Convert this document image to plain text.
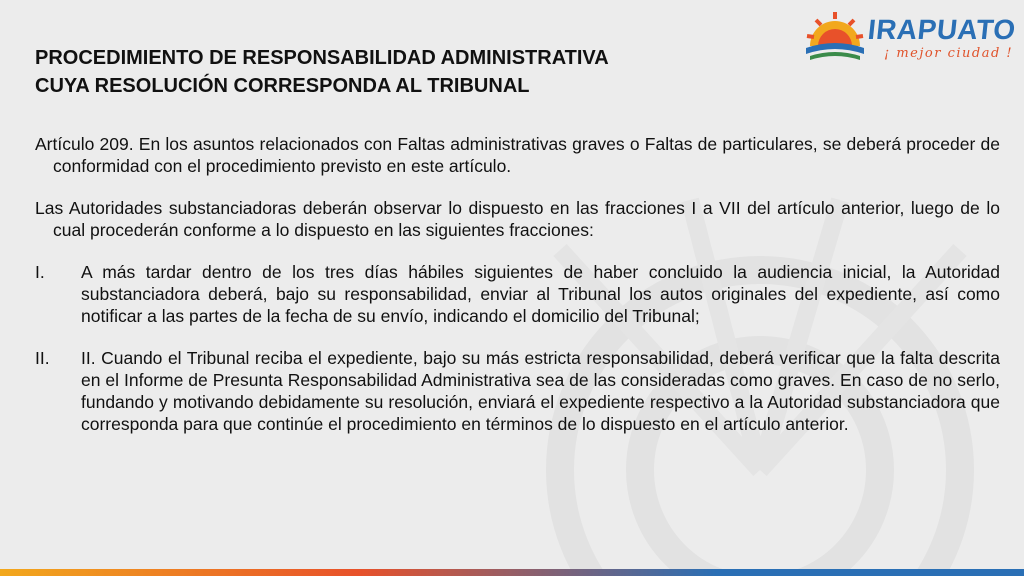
IRAPUATO
¡ mejor ciudad !
PROCEDIMIENTO DE RESPONSABILIDAD ADMINISTRATIVA
CUYA RESOLUCIÓN CORRESPONDA AL TRIBUNAL

Artículo 209. En los asuntos relacionados con Faltas administrativas graves o Faltas de particulares, se deberá proceder de conformidad con el procedimiento previsto en este artículo.

Las Autoridades substanciadoras deberán observar lo dispuesto en las fracciones I a VII del artículo anterior, luego de lo cual procederán conforme a lo dispuesto en las siguientes fracciones:

I.	A más tardar dentro de los tres días hábiles siguientes de haber concluido la audiencia inicial, la Autoridad substanciadora deberá, bajo su responsabilidad, enviar al Tribunal los autos originales del expediente, así como notificar a las partes de la fecha de su envío, indicando el domicilio del Tribunal;
II.	II. Cuando el Tribunal reciba el expediente, bajo su más estricta responsabilidad, deberá verificar que la falta descrita en el Informe de Presunta Responsabilidad Administrativa sea de las consideradas como graves. En caso de no serlo, fundando y motivando debidamente su resolución, enviará el expediente respectivo a la Autoridad substanciadora que corresponda para que continúe el procedimiento en términos de lo dispuesto en el artículo anterior.
